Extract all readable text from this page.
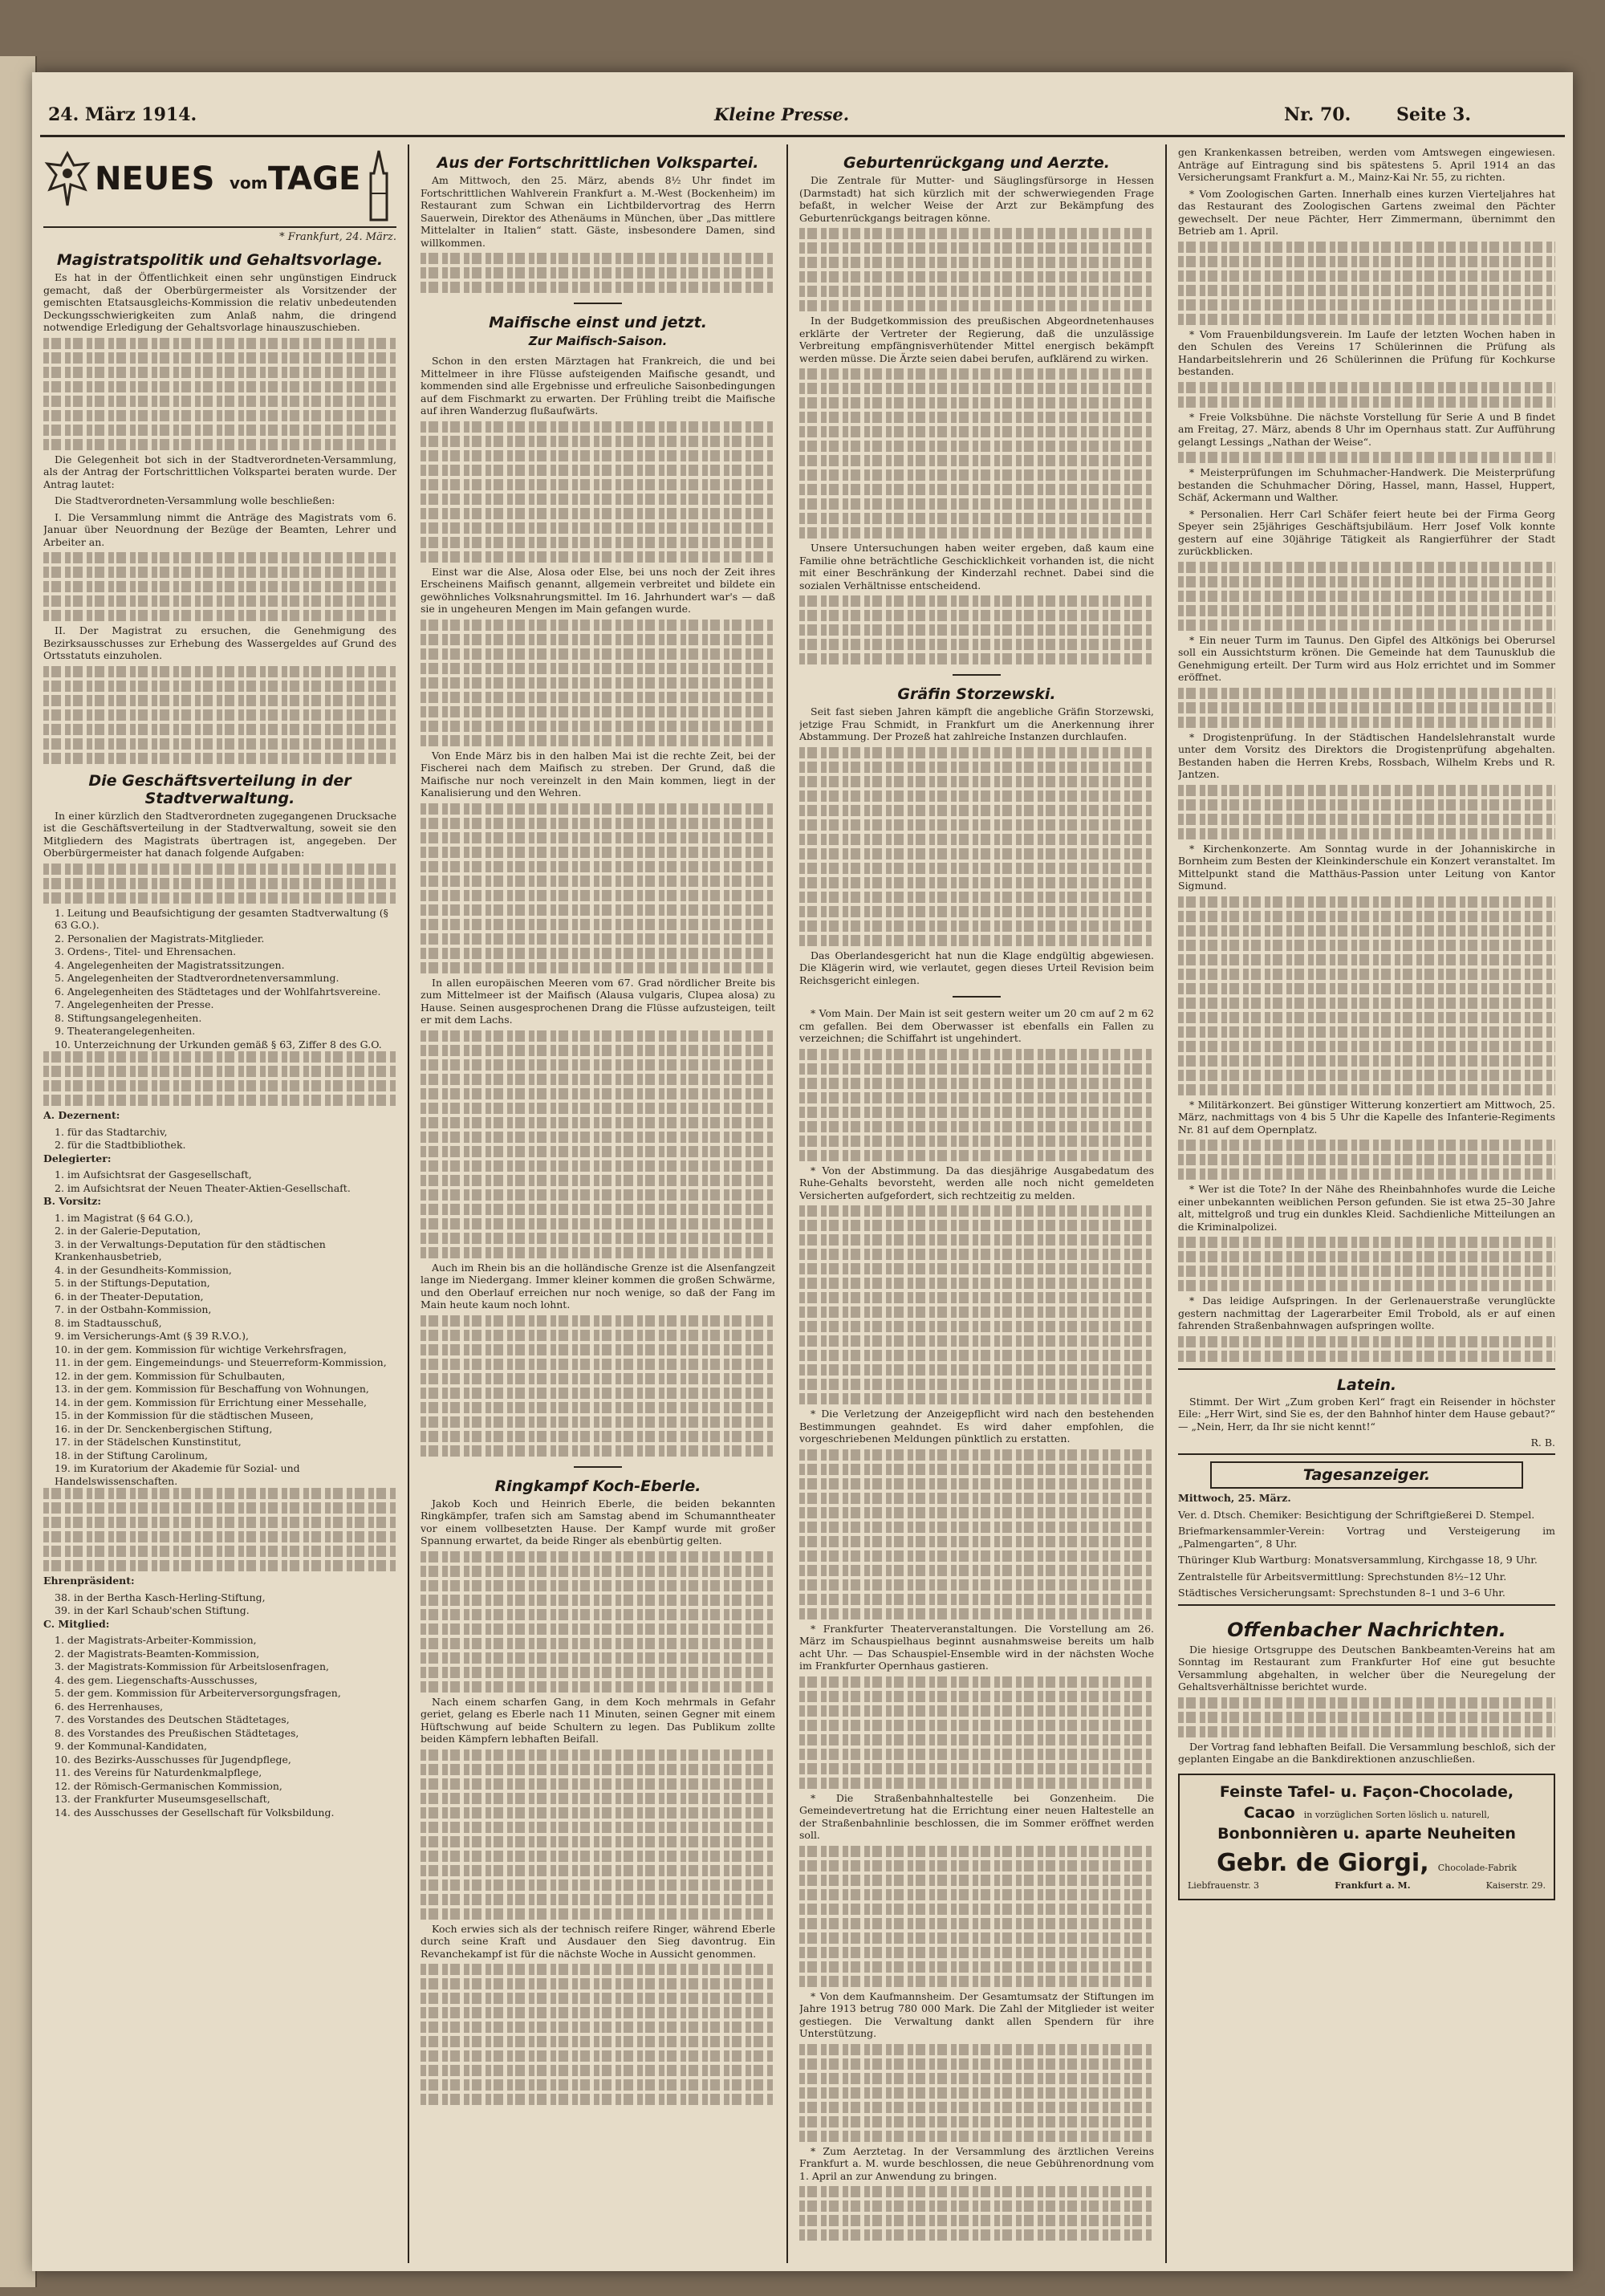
24. März 1914.	Kleine Presse.	Nr. 70.	Seite 3.
NEUES vom TAGE
* Frankfurt, 24. März.
Magistratspolitik und Gehaltsvorlage.

Es hat in der Öffentlichkeit einen sehr ungünstigen Eindruck gemacht, daß der Oberbürgermeister als Vorsitzender der gemischten Etatsausgleichs-Kommission die relativ unbedeutenden Deckungsschwierigkeiten zum Anlaß nahm, die dringend notwendige Erledigung der Gehaltsvorlage hinauszuschieben.

Die Gelegenheit bot sich in der Stadtverordneten-Versammlung, als der Antrag der Fortschrittlichen Volkspartei beraten wurde. Der Antrag lautet:

Die Stadtverordneten-Versammlung wolle beschließen:

I. Die Versammlung nimmt die Anträge des Magistrats vom 6. Januar über Neuordnung der Bezüge der Beamten, Lehrer und Arbeiter an.

II. Der Magistrat zu ersuchen, die Genehmigung des Bezirksausschusses zur Erhebung des Wassergeldes auf Grund des Ortsstatuts einzuholen.

Die Geschäftsverteilung in der Stadtverwaltung.

In einer kürzlich den Stadtverordneten zugegangenen Drucksache ist die Geschäftsverteilung in der Stadtverwaltung, soweit sie den Mitgliedern des Magistrats übertragen ist, angegeben. Der Oberbürgermeister hat danach folgende Aufgaben:

1. Leitung und Beaufsichtigung der gesamten Stadtverwaltung (§ 63 G.O.).
2. Personalien der Magistrats-Mitglieder.
3. Ordens-, Titel- und Ehrensachen.
4. Angelegenheiten der Magistratssitzungen.
5. Angelegenheiten der Stadtverordnetenversammlung.
6. Angelegenheiten des Städtetages und der Wohlfahrtsvereine.
7. Angelegenheiten der Presse.
8. Stiftungsangelegenheiten.
9. Theaterangelegenheiten.
10. Unterzeichnung der Urkunden gemäß § 63, Ziffer 8 des G.O.

A. Dezernent:

1. für das Stadtarchiv,
2. für die Stadtbibliothek.

Delegierter:

1. im Aufsichtsrat der Gasgesellschaft,
2. im Aufsichtsrat der Neuen Theater-Aktien-Gesellschaft.

B. Vorsitz:

1. im Magistrat (§ 64 G.O.),
2. in der Galerie-Deputation,
3. in der Verwaltungs-Deputation für den städtischen Krankenhausbetrieb,
4. in der Gesundheits-Kommission,
5. in der Stiftungs-Deputation,
6. in der Theater-Deputation,
7. in der Ostbahn-Kommission,
8. im Stadtausschuß,
9. im Versicherungs-Amt (§ 39 R.V.O.),
10. in der gem. Kommission für wichtige Verkehrsfragen,
11. in der gem. Eingemeindungs- und Steuerreform-Kommission,
12. in der gem. Kommission für Schulbauten,
13. in der gem. Kommission für Beschaffung von Wohnungen,
14. in der gem. Kommission für Errichtung einer Messehalle,
15. in der Kommission für die städtischen Museen,
16. in der Dr. Senckenbergischen Stiftung,
17. in der Städelschen Kunstinstitut,
18. in der Stiftung Carolinum,
19. im Kuratorium der Akademie für Sozial- und Handelswissenschaften.

Ehrenpräsident:

38. in der Bertha Kasch-Herling-Stiftung,
39. in der Karl Schaub'schen Stiftung.

C. Mitglied:

1. der Magistrats-Arbeiter-Kommission,
2. der Magistrats-Beamten-Kommission,
3. der Magistrats-Kommission für Arbeitslosenfragen,
4. des gem. Liegenschafts-Ausschusses,
5. der gem. Kommission für Arbeiterversorgungsfragen,
6. des Herrenhauses,
7. des Vorstandes des Deutschen Städtetages,
8. des Vorstandes des Preußischen Städtetages,
9. der Kommunal-Kandidaten,
10. des Bezirks-Ausschusses für Jugendpflege,
11. des Vereins für Naturdenkmalpflege,
12. der Römisch-Germanischen Kommission,
13. der Frankfurter Museumsgesellschaft,
14. des Ausschusses der Gesellschaft für Volksbildung.
Aus der Fortschrittlichen Volkspartei.

Am Mittwoch, den 25. März, abends 8½ Uhr findet im Fortschrittlichen Wahlverein Frankfurt a. M.-West (Bockenheim) im Restaurant zum Schwan ein Lichtbildervortrag des Herrn Sauerwein, Direktor des Athenäums in München, über „Das mittlere Mittelalter in Italien“ statt. Gäste, insbesondere Damen, sind willkommen.

Maifische einst und jetzt.
Zur Maifisch-Saison.

Schon in den ersten Märztagen hat Frankreich, die und bei Mittelmeer in ihre Flüsse aufsteigenden Maifische gesandt, und kommenden sind alle Ergebnisse und erfreuliche Saisonbedingungen auf dem Fischmarkt zu erwarten. Der Frühling treibt die Maifische auf ihren Wanderzug flußaufwärts.

Einst war die Alse, Alosa oder Else, bei uns noch der Zeit ihres Erscheinens Maifisch genannt, allgemein verbreitet und bildete ein gewöhnliches Volksnahrungsmittel. Im 16. Jahrhundert war's — daß sie in ungeheuren Mengen im Main gefangen wurde.

Von Ende März bis in den halben Mai ist die rechte Zeit, bei der Fischerei nach dem Maifisch zu streben. Der Grund, daß die Maifische nur noch vereinzelt in den Main kommen, liegt in der Kanalisierung und den Wehren.

In allen europäischen Meeren vom 67. Grad nördlicher Breite bis zum Mittelmeer ist der Maifisch (Alausa vulgaris, Clupea alosa) zu Hause. Seinen ausgesprochenen Drang die Flüsse aufzusteigen, teilt er mit dem Lachs.

Auch im Rhein bis an die holländische Grenze ist die Alsenfangzeit lange im Niedergang. Immer kleiner kommen die großen Schwärme, und den Oberlauf erreichen nur noch wenige, so daß der Fang im Main heute kaum noch lohnt.

Ringkampf Koch-Eberle.

Jakob Koch und Heinrich Eberle, die beiden bekannten Ringkämpfer, trafen sich am Samstag abend im Schumanntheater vor einem vollbesetzten Hause. Der Kampf wurde mit großer Spannung erwartet, da beide Ringer als ebenbürtig gelten.

Nach einem scharfen Gang, in dem Koch mehrmals in Gefahr geriet, gelang es Eberle nach 11 Minuten, seinen Gegner mit einem Hüftschwung auf beide Schultern zu legen. Das Publikum zollte beiden Kämpfern lebhaften Beifall.

Koch erwies sich als der technisch reifere Ringer, während Eberle durch seine Kraft und Ausdauer den Sieg davontrug. Ein Revanchekampf ist für die nächste Woche in Aussicht genommen.

Geburtenrückgang und Aerzte.

Die Zentrale für Mutter- und Säuglingsfürsorge in Hessen (Darmstadt) hat sich kürzlich mit der schwerwiegenden Frage befaßt, in welcher Weise der Arzt zur Bekämpfung des Geburtenrückgangs beitragen könne.

In der Budgetkommission des preußischen Abgeordnetenhauses erklärte der Vertreter der Regierung, daß die unzulässige Verbreitung empfängnisverhütender Mittel energisch bekämpft werden müsse. Die Ärzte seien dabei berufen, aufklärend zu wirken.

Unsere Untersuchungen haben weiter ergeben, daß kaum eine Familie ohne beträchtliche Geschicklichkeit vorhanden ist, die nicht mit einer Beschränkung der Kinderzahl rechnet. Dabei sind die sozialen Verhältnisse entscheidend.

Gräfin Storzewski.

Seit fast sieben Jahren kämpft die angebliche Gräfin Storzewski, jetzige Frau Schmidt, in Frankfurt um die Anerkennung ihrer Abstammung. Der Prozeß hat zahlreiche Instanzen durchlaufen.

Das Oberlandesgericht hat nun die Klage endgültig abgewiesen. Die Klägerin wird, wie verlautet, gegen dieses Urteil Revision beim Reichsgericht einlegen.

* Vom Main. Der Main ist seit gestern weiter um 20 cm auf 2 m 62 cm gefallen. Bei dem Oberwasser ist ebenfalls ein Fallen zu verzeichnen; die Schiffahrt ist ungehindert.

* Von der Abstimmung. Da das diesjährige Ausgabedatum des Ruhe-Gehalts bevorsteht, werden alle noch nicht gemeldeten Versicherten aufgefordert, sich rechtzeitig zu melden.

* Die Verletzung der Anzeigepflicht wird nach den bestehenden Bestimmungen geahndet. Es wird daher empfohlen, die vorgeschriebenen Meldungen pünktlich zu erstatten.

* Frankfurter Theaterveranstaltungen. Die Vorstellung am 26. März im Schauspielhaus beginnt ausnahmsweise bereits um halb acht Uhr. — Das Schauspiel-Ensemble wird in der nächsten Woche im Frankfurter Opernhaus gastieren.

* Die Straßenbahnhaltestelle bei Gonzenheim. Die Gemeindevertretung hat die Errichtung einer neuen Haltestelle an der Straßenbahnlinie beschlossen, die im Sommer eröffnet werden soll.

* Von dem Kaufmannsheim. Der Gesamtumsatz der Stiftungen im Jahre 1913 betrug 780 000 Mark. Die Zahl der Mitglieder ist weiter gestiegen. Die Verwaltung dankt allen Spendern für ihre Unterstützung.

* Zum Aerztetag. In der Versammlung des ärztlichen Vereins Frankfurt a. M. wurde beschlossen, die neue Gebührenordnung vom 1. April an zur Anwendung zu bringen.

gen Krankenkassen betreiben, werden vom Amtswegen eingewiesen. Anträge auf Eintragung sind bis spätestens 5. April 1914 an das Versicherungsamt Frankfurt a. M., Mainz-Kai Nr. 55, zu richten.

* Vom Zoologischen Garten. Innerhalb eines kurzen Vierteljahres hat das Restaurant des Zoologischen Gartens zweimal den Pächter gewechselt. Der neue Pächter, Herr Zimmermann, übernimmt den Betrieb am 1. April.

* Vom Frauenbildungsverein. Im Laufe der letzten Wochen haben in den Schulen des Vereins 17 Schülerinnen die Prüfung als Handarbeitslehrerin und 26 Schülerinnen die Prüfung für Kochkurse bestanden.

* Freie Volksbühne. Die nächste Vorstellung für Serie A und B findet am Freitag, 27. März, abends 8 Uhr im Opernhaus statt. Zur Aufführung gelangt Lessings „Nathan der Weise“.

* Meisterprüfungen im Schuhmacher-Handwerk. Die Meisterprüfung bestanden die Schuhmacher Döring, Hassel, mann, Hassel, Huppert, Schäf, Ackermann und Walther.

* Personalien. Herr Carl Schäfer feiert heute bei der Firma Georg Speyer sein 25jähriges Geschäftsjubiläum. Herr Josef Volk konnte gestern auf eine 30jährige Tätigkeit als Rangierführer der Stadt zurückblicken.

* Ein neuer Turm im Taunus. Den Gipfel des Altkönigs bei Oberursel soll ein Aussichtsturm krönen. Die Gemeinde hat dem Taunusklub die Genehmigung erteilt. Der Turm wird aus Holz errichtet und im Sommer eröffnet.

* Drogistenprüfung. In der Städtischen Handelslehranstalt wurde unter dem Vorsitz des Direktors die Drogistenprüfung abgehalten. Bestanden haben die Herren Krebs, Rossbach, Wilhelm Krebs und R. Jantzen.

* Kirchenkonzerte. Am Sonntag wurde in der Johanniskirche in Bornheim zum Besten der Kleinkinderschule ein Konzert veranstaltet. Im Mittelpunkt stand die Matthäus-Passion unter Leitung von Kantor Sigmund.

* Militärkonzert. Bei günstiger Witterung konzertiert am Mittwoch, 25. März, nachmittags von 4 bis 5 Uhr die Kapelle des Infanterie-Regiments Nr. 81 auf dem Opernplatz.

* Wer ist die Tote? In der Nähe des Rheinbahnhofes wurde die Leiche einer unbekannten weiblichen Person gefunden. Sie ist etwa 25–30 Jahre alt, mittelgroß und trug ein dunkles Kleid. Sachdienliche Mitteilungen an die Kriminalpolizei.

* Das leidige Aufspringen. In der Gerlenauerstraße verunglückte gestern nachmittag der Lagerarbeiter Emil Trobold, als er auf einen fahrenden Straßenbahnwagen aufspringen wollte.

Latein.

Stimmt. Der Wirt „Zum groben Kerl“ fragt ein Reisender in höchster Eile: „Herr Wirt, sind Sie es, der den Bahnhof hinter dem Hause gebaut?“ — „Nein, Herr, da Ihr sie nicht kennt!“

R. B.
Tagesanzeiger.

Mittwoch, 25. März.

Ver. d. Dtsch. Chemiker: Besichtigung der Schriftgießerei D. Stempel.

Briefmarkensammler-Verein: Vortrag und Versteigerung im „Palmengarten“, 8 Uhr.

Thüringer Klub Wartburg: Monatsversammlung, Kirchgasse 18, 9 Uhr.

Zentralstelle für Arbeitsvermittlung: Sprechstunden 8½–12 Uhr.

Städtisches Versicherungsamt: Sprechstunden 8–1 und 3–6 Uhr.

Offenbacher Nachrichten.

Die hiesige Ortsgruppe des Deutschen Bankbeamten-Vereins hat am Sonntag im Restaurant zum Frankfurter Hof eine gut besuchte Versammlung abgehalten, in welcher über die Neuregelung der Gehaltsverhältnisse berichtet wurde.

Der Vortrag fand lebhaften Beifall. Die Versammlung beschloß, sich der geplanten Eingabe an die Bankdirektionen anzuschließen.

Feinste Tafel- u. Façon-Chocolade,
Cacao in vorzüglichen Sorten löslich u. naturell,
Bonbonnièren u. aparte Neuheiten
Gebr. de Giorgi, Chocolade-Fabrik
Liebfrauenstr. 3	Frankfurt a. M.	Kaiserstr. 29.
